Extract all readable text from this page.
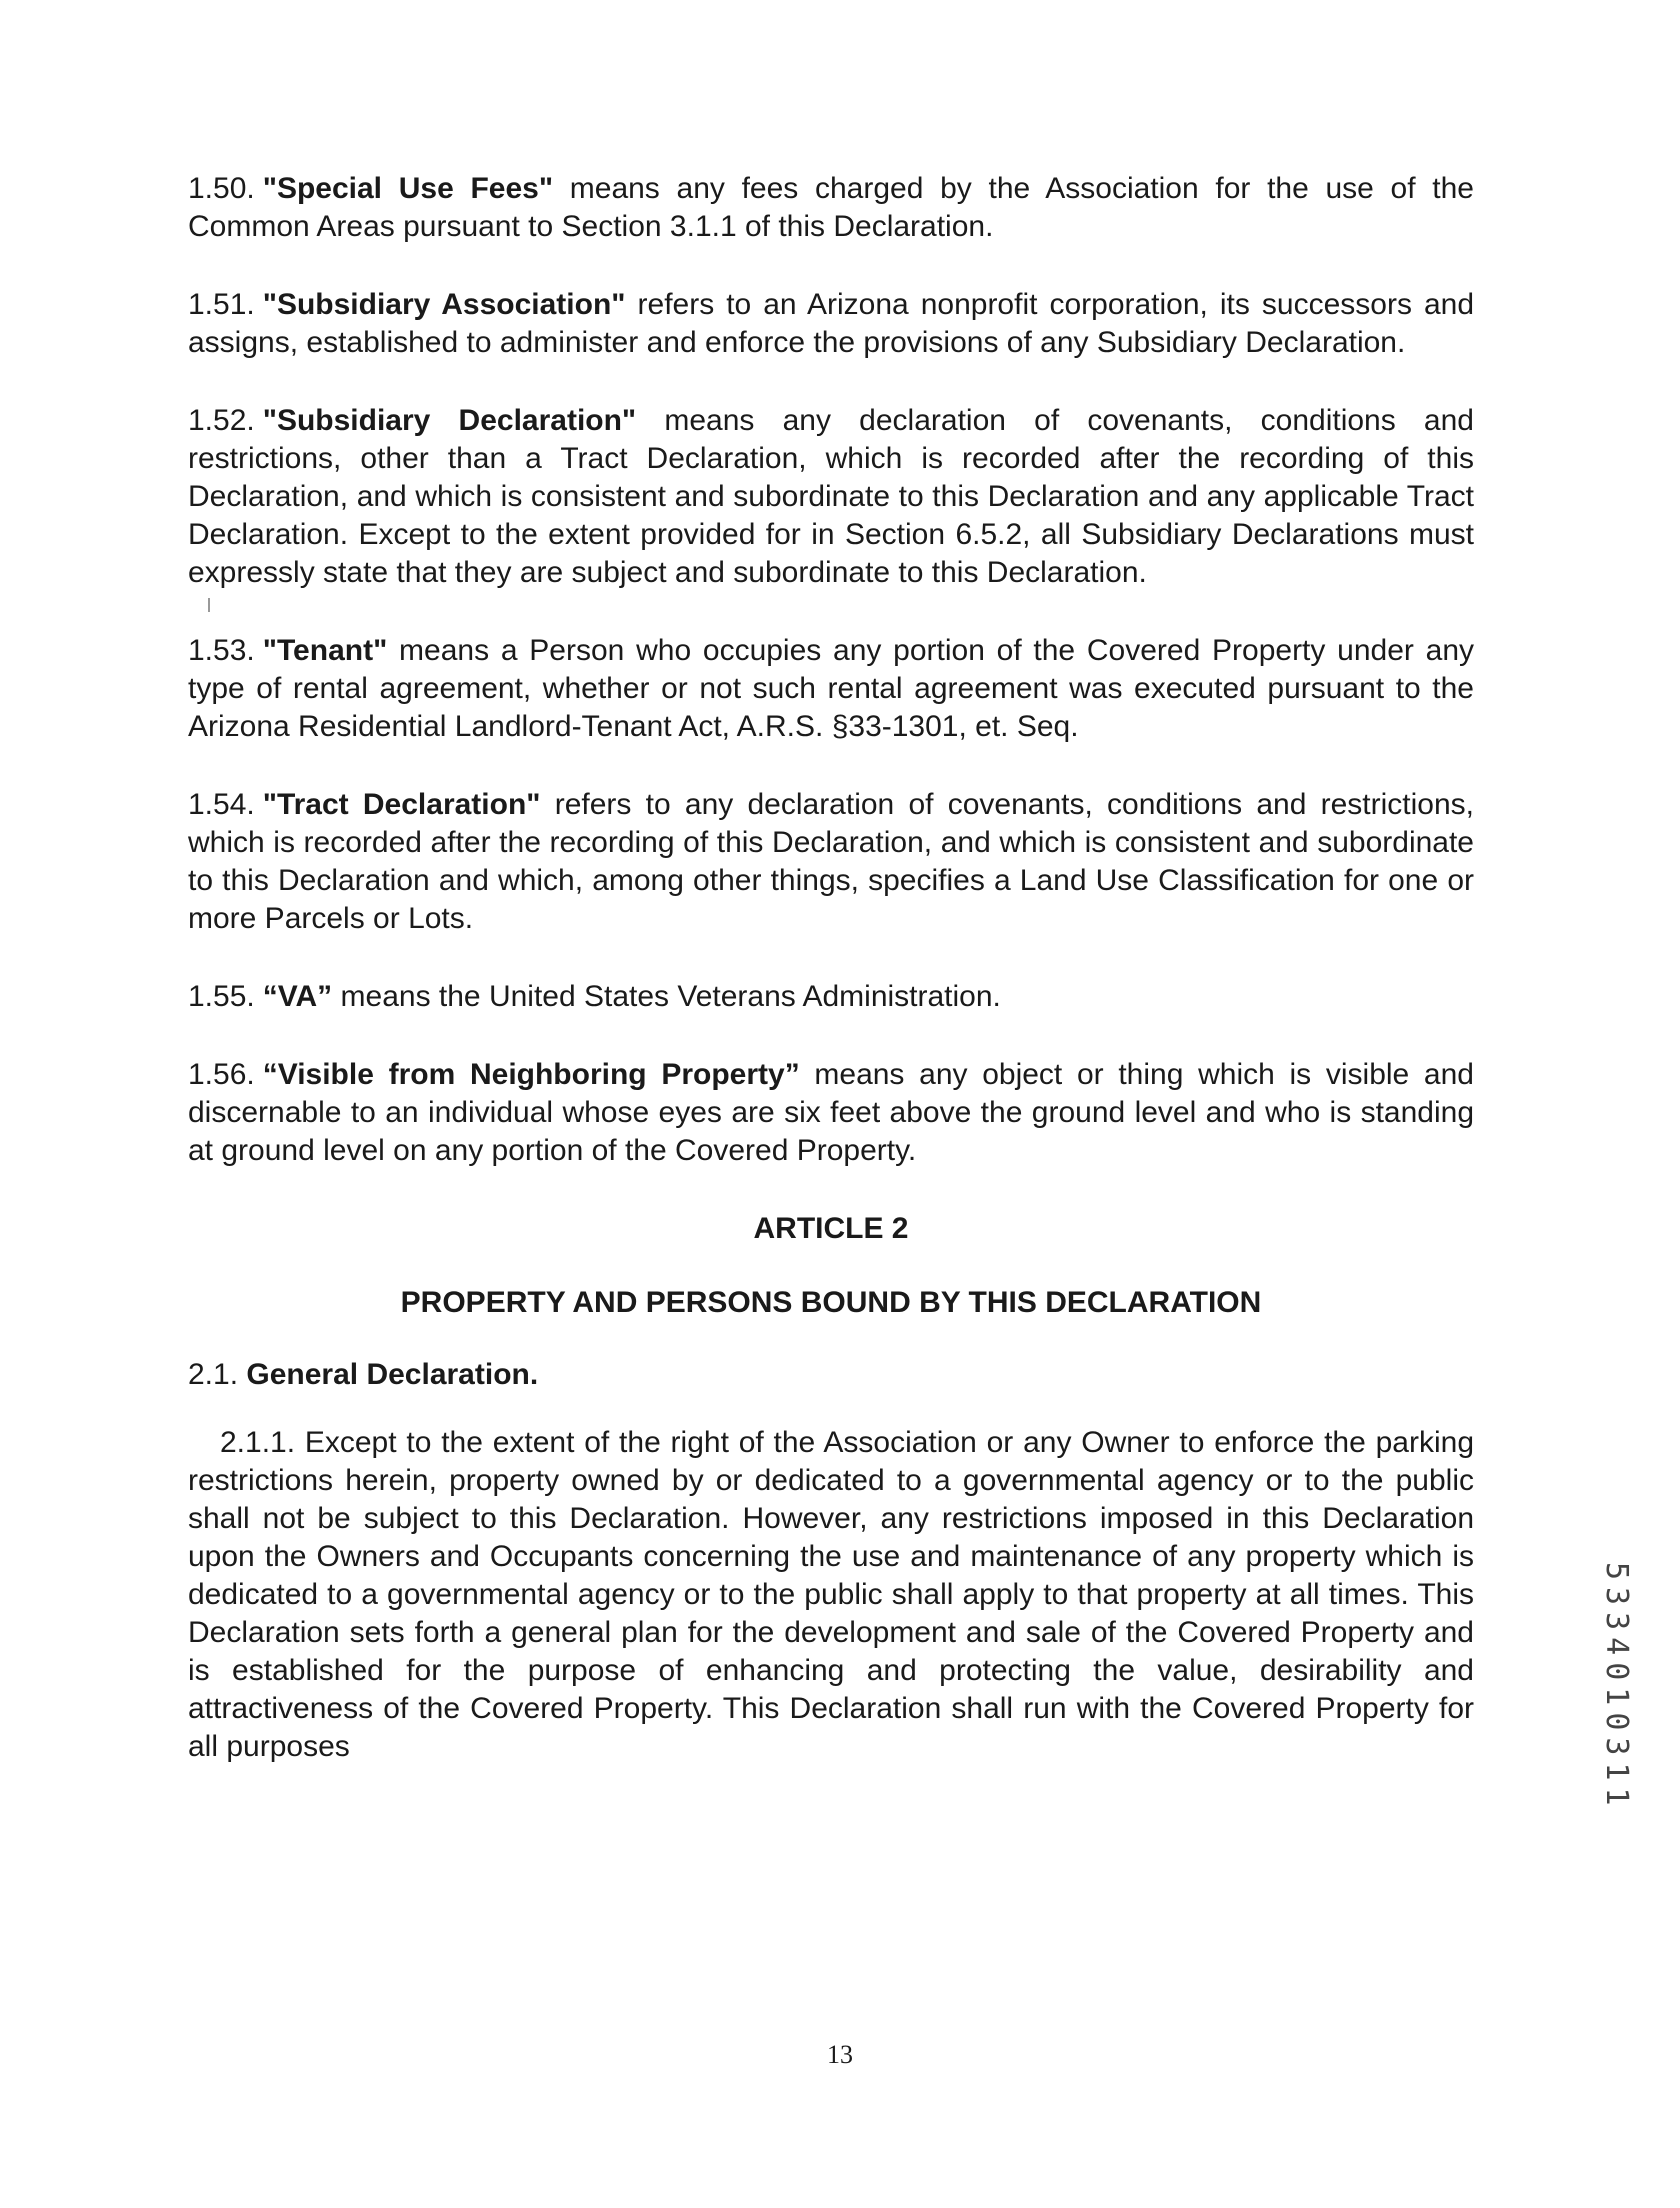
1.50. "Special Use Fees" means any fees charged by the Association for the use of the Common Areas pursuant to Section 3.1.1 of this Declaration.

1.51. "Subsidiary Association" refers to an Arizona nonprofit corporation, its successors and assigns, established to administer and enforce the provisions of any Subsidiary Declaration.

1.52. "Subsidiary Declaration" means any declaration of covenants, conditions and restrictions, other than a Tract Declaration, which is recorded after the recording of this Declaration, and which is consistent and subordinate to this Declaration and any applicable Tract Declaration. Except to the extent provided for in Section 6.5.2, all Subsidiary Declarations must expressly state that they are subject and subordinate to this Declaration.

1.53. "Tenant" means a Person who occupies any portion of the Covered Property under any type of rental agreement, whether or not such rental agreement was executed pursuant to the Arizona Residential Landlord-Tenant Act, A.R.S. §33-1301, et. Seq.

1.54. "Tract Declaration" refers to any declaration of covenants, conditions and restrictions, which is recorded after the recording of this Declaration, and which is consistent and subordinate to this Declaration and which, among other things, specifies a Land Use Classification for one or more Parcels or Lots.

1.55. “VA” means the United States Veterans Administration.

1.56. “Visible from Neighboring Property” means any object or thing which is visible and discernable to an individual whose eyes are six feet above the ground level and who is standing at ground level on any portion of the Covered Property.

ARTICLE 2
PROPERTY AND PERSONS BOUND BY THIS DECLARATION

2.1. General Declaration.

2.1.1. Except to the extent of the right of the Association or any Owner to enforce the parking restrictions herein, property owned by or dedicated to a governmental agency or to the public shall not be subject to this Declaration. However, any restrictions imposed in this Declaration upon the Owners and Occupants concerning the use and maintenance of any property which is dedicated to a governmental agency or to the public shall apply to that property at all times. This Declaration sets forth a general plan for the development and sale of the Covered Property and is established for the purpose of enhancing and protecting the value, desirability and attractiveness of the Covered Property. This Declaration shall run with the Covered Property for all purposes	5334010311
13
